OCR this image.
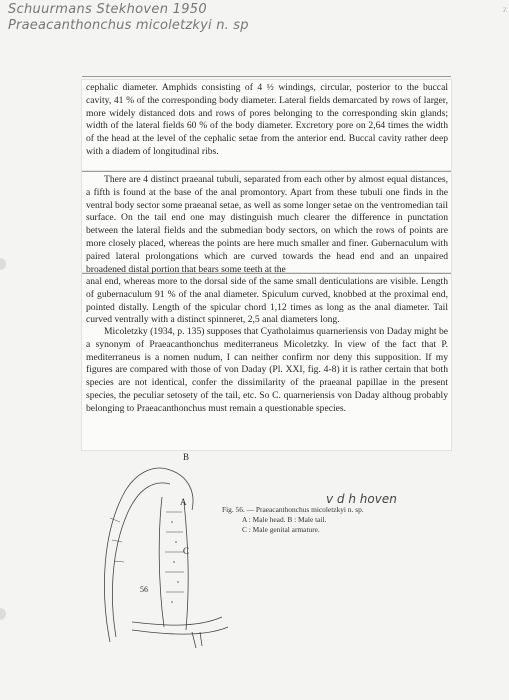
Schuurmans Stekhoven 1950
Praeacanthonchus micoletzkyi n. sp
z
cephalic diameter. Amphids consisting of 4 ½ windings, circular, posterior to the buccal cavity, 41 % of the corresponding body diameter. Lateral fields demarcated by rows of larger, more widely distanced dots and rows of pores belonging to the corresponding skin glands; width of the lateral fields 60 % of the body diameter. Excretory pore on 2,64 times the width of the head at the level of the cephalic setae from the anterior end. Buccal cavity rather deep with a diadem of longitudinal ribs.
There are 4 distinct praeanal tubuli, separated from each other by almost equal distances, a fifth is found at the base of the anal promontory. Apart from these tubuli one finds in the ventral body sector some praeanal setae, as well as some longer setae on the ventromedian tail surface. On the tail end one may distinguish much clearer the difference in punctation between the lateral fields and the submedian body sectors, on which the rows of points are more closely placed, whereas the points are here much smaller and finer. Gubernaculum with paired lateral prolongations which are curved towards the head end and an unpaired broadened distal portion that bears some teeth at the
anal end, whereas more to the dorsal side of the same small denticulations are visible. Length of gubernaculum 91 % of the anal diameter. Spiculum curved, knobbed at the proximal end, pointed distally. Length of the spicular chord 1,12 times as long as the anal diameter. Tail curved ventrally with a distinct spinneret, 2,5 anal diameters long.
Micoletzky (1934, p. 135) supposes that Cyatholaimus quarneriensis von Daday might be a synonym of Praeacanthonchus mediterraneus Micoletzky. In view of the fact that P. mediterraneus is a nomen nudum, I can neither confirm nor deny this supposition. If my figures are compared with those of von Daday (Pl. XXI, fig. 4-8) it is rather certain that both species are not identical, confer the dissimilarity of the praeanal papillae in the present species, the peculiar setosety of the tail, etc. So C. quarneriensis von Daday althoug probably belonging to Praeacanthonchus must remain a questionable species.
B
A
C
56
v d h hoven
Fig. 56. — Praeacanthonchus micoletzkyi n. sp.
A : Male head. B : Male tail.
C : Male genital armature.
